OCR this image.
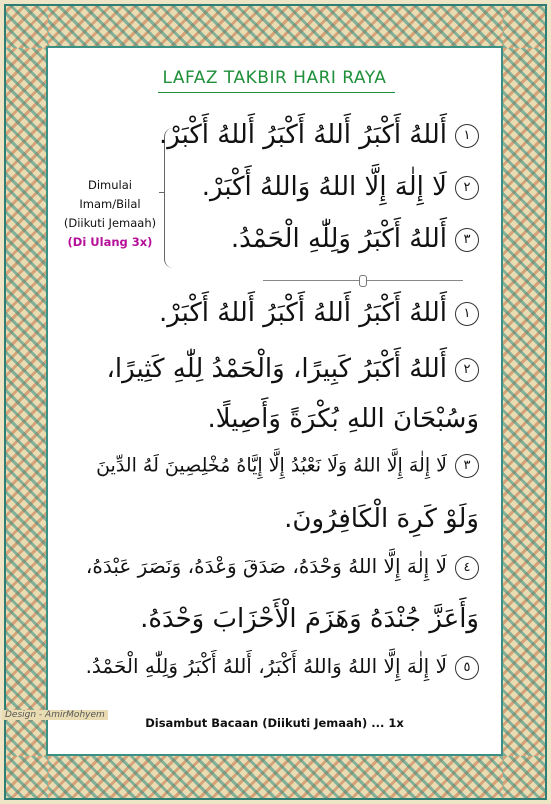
LAFAZ TAKBIR HARI RAYA
Dimulai
Imam/Bilal
(Diikuti Jemaah)
(Di Ulang 3x)
١أَللهُ أَكْبَرُ أَللهُ أَكْبَرُ أَللهُ أَكْبَرْ.
٢لَا إِلٰهَ إِلَّا اللهُ وَاللهُ أَكْبَرْ.
٣أَللهُ أَكْبَرُ وَلِلّٰهِ الْحَمْدُ.
١أَللهُ أَكْبَرُ أَللهُ أَكْبَرُ أَللهُ أَكْبَرْ.
٢أَللهُ أَكْبَرُ كَبِيرًا، وَالْحَمْدُ لِلّٰهِ كَثِيرًا،
وَسُبْحَانَ اللهِ بُكْرَةً وَأَصِيلًا.
٣لَا إِلٰهَ إِلَّا اللهُ وَلَا نَعْبُدُ إِلَّا إِيَّاهُ مُخْلِصِينَ لَهُ الدِّينَ
وَلَوْ كَرِهَ الْكَافِرُونَ.
٤لَا إِلٰهَ إِلَّا اللهُ وَحْدَهُ، صَدَقَ وَعْدَهُ، وَنَصَرَ عَبْدَهُ،
وَأَعَزَّ جُنْدَهُ وَهَزَمَ الْأَحْزَابَ وَحْدَهُ.
٥لَا إِلٰهَ إِلَّا اللهُ وَاللهُ أَكْبَرُ، أَللهُ أَكْبَرُ وَلِلّٰهِ الْحَمْدُ.
Disambut Bacaan (Diikuti Jemaah) ... 1x
Design - AmirMohyem
